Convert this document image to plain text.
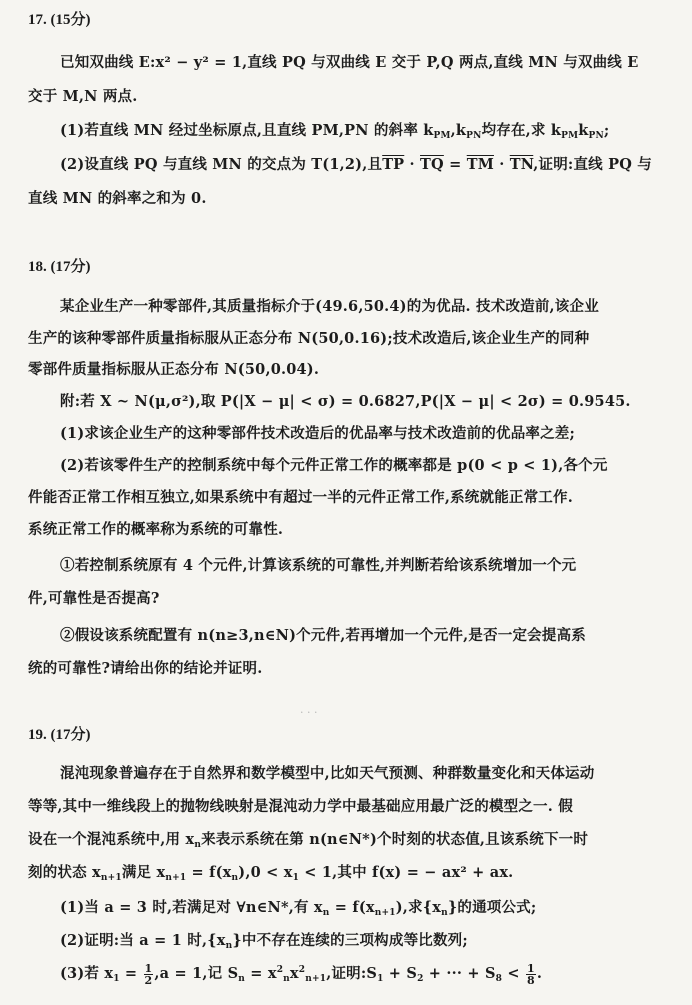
17. (15分)
已知双曲线 E:x² − y² = 1,直线 PQ 与双曲线 E 交于 P,Q 两点,直线 MN 与双曲线 E
交于 M,N 两点.
(1)若直线 MN 经过坐标原点,且直线 PM,PN 的斜率 $k_{PM},k_{PN}$均存在,求 $k_{PM}k_{PN}$;
(2)设直线 PQ 与直线 MN 的交点为 T(1,2),且$\overline{TP} \cdot \overline{TQ} = \overline{TM} \cdot \overline{TN}$,证明:直线 PQ 与
直线 MN 的斜率之和为 0.
18. (17分)
某企业生产一种零部件,其质量指标介于(49.6,50.4)的为优品. 技术改造前,该企业
生产的该种零部件质量指标服从正态分布 N(50,0.16);技术改造后,该企业生产的同种
零部件质量指标服从正态分布 N(50,0.04).
附:若 X ~ N(μ,σ²),取 P(|X − μ| < σ) = 0.6827,P(|X − μ| < 2σ) = 0.9545.
(1)求该企业生产的这种零部件技术改造后的优品率与技术改造前的优品率之差;
(2)若该零件生产的控制系统中每个元件正常工作的概率都是 p(0 < p < 1),各个元
件能否正常工作相互独立,如果系统中有超过一半的元件正常工作,系统就能正常工作.
系统正常工作的概率称为系统的可靠性.
①若控制系统原有 4 个元件,计算该系统的可靠性,并判断若给该系统增加一个元
件,可靠性是否提高?
②假设该系统配置有 n(n≥3,n∈N)个元件,若再增加一个元件,是否一定会提高系
统的可靠性?请给出你的结论并证明.
· · ·
19. (17分)
混沌现象普遍存在于自然界和数学模型中,比如天气预测、种群数量变化和天体运动
等等,其中一维线段上的抛物线映射是混沌动力学中最基础应用最广泛的模型之一. 假
设在一个混沌系统中,用 $x_n$来表示系统在第 n(n∈N*)个时刻的状态值,且该系统下一时
刻的状态 $x_{n+1}$满足 $x_{n+1} = f(x_n),0 < x_1 < 1$,其中 f(x) = − ax² + ax.
(1)当 a = 3 时,若满足对 ∀n∈N*,有 $x_n = f(x_{n+1})$,求$\{x_n\}$的通项公式;
(2)证明:当 a = 1 时$,\{x_n\}$中不存在连续的三项构成等比数列;
(3)若 $x_1 = \frac{1}{2} ,a = 1$,记 $S_n = x^2_nx^2_{n+1}$,证明$:S_1 + S_2$ + ··· + $S_8 < \frac{1}{8}$ .
